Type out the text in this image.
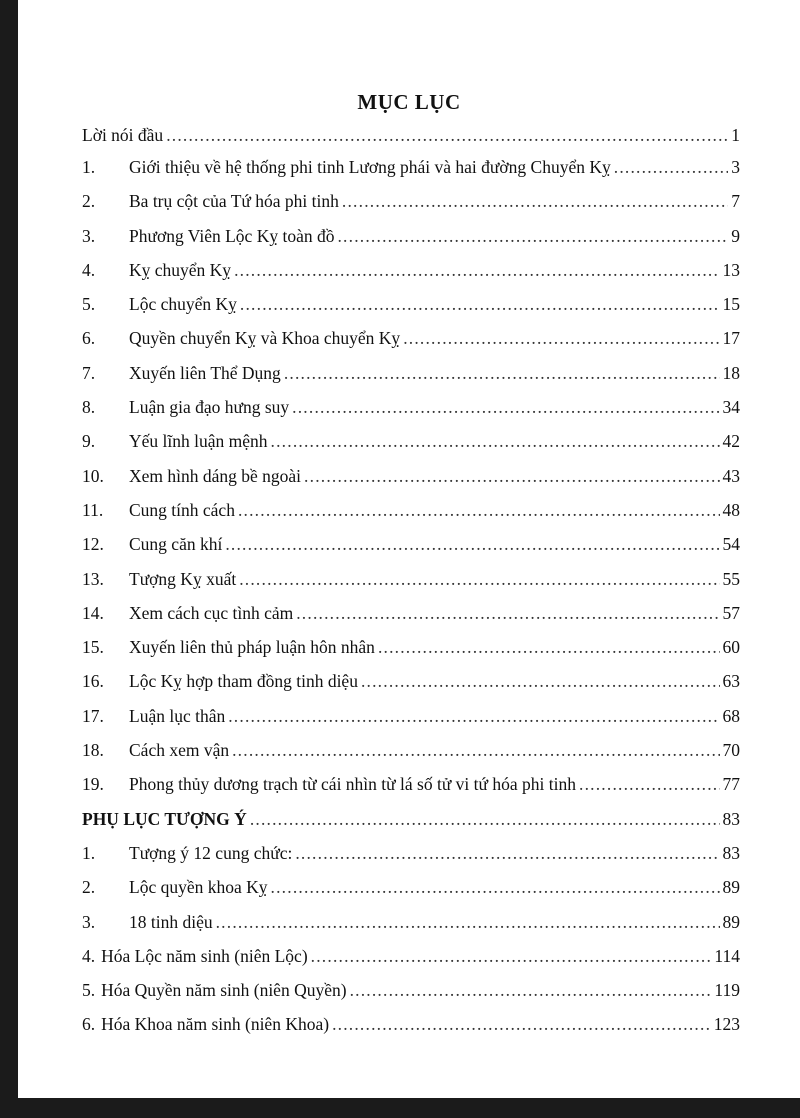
MỤC LỤC
Lời nói đầu .....	1
1.	Giới thiệu về hệ thống phi tinh Lương phái và hai đường Chuyển Kỵ .....	3
2.	Ba trụ cột của Tứ hóa phi tinh .....	7
3.	Phương Viên Lộc Kỵ toàn đồ .....	9
4.	Kỵ chuyển Kỵ .....	13
5.	Lộc chuyển Kỵ .....	15
6.	Quyền chuyển Kỵ và Khoa chuyển Kỵ .....	17
7.	Xuyến liên Thể Dụng .....	18
8.	Luận gia đạo hưng suy .....	34
9.	Yếu lĩnh luận mệnh .....	42
10.	Xem hình dáng bề ngoài .....	43
11.	Cung tính cách .....	48
12.	Cung căn khí .....	54
13.	Tượng Kỵ xuất .....	55
14.	Xem cách cục tình cảm .....	57
15.	Xuyến liên thủ pháp luận hôn nhân .....	60
16.	Lộc Kỵ hợp tham đồng tinh diệu .....	63
17.	Luận lục thân .....	68
18.	Cách xem vận .....	70
19.	Phong thủy dương trạch từ cái nhìn từ lá số tử vi tứ hóa phi tinh .....	77
PHỤ LỤC TƯỢNG Ý .....	83
1.	Tượng ý 12 cung chức: .....	83
2.	Lộc quyền khoa Kỵ .....	89
3.	18 tinh diệu .....	89
4. Hóa Lộc năm sinh (niên Lộc) .....	114
5. Hóa Quyền năm sinh (niên Quyền) .....	119
6. Hóa Khoa năm sinh (niên Khoa) .....	123
